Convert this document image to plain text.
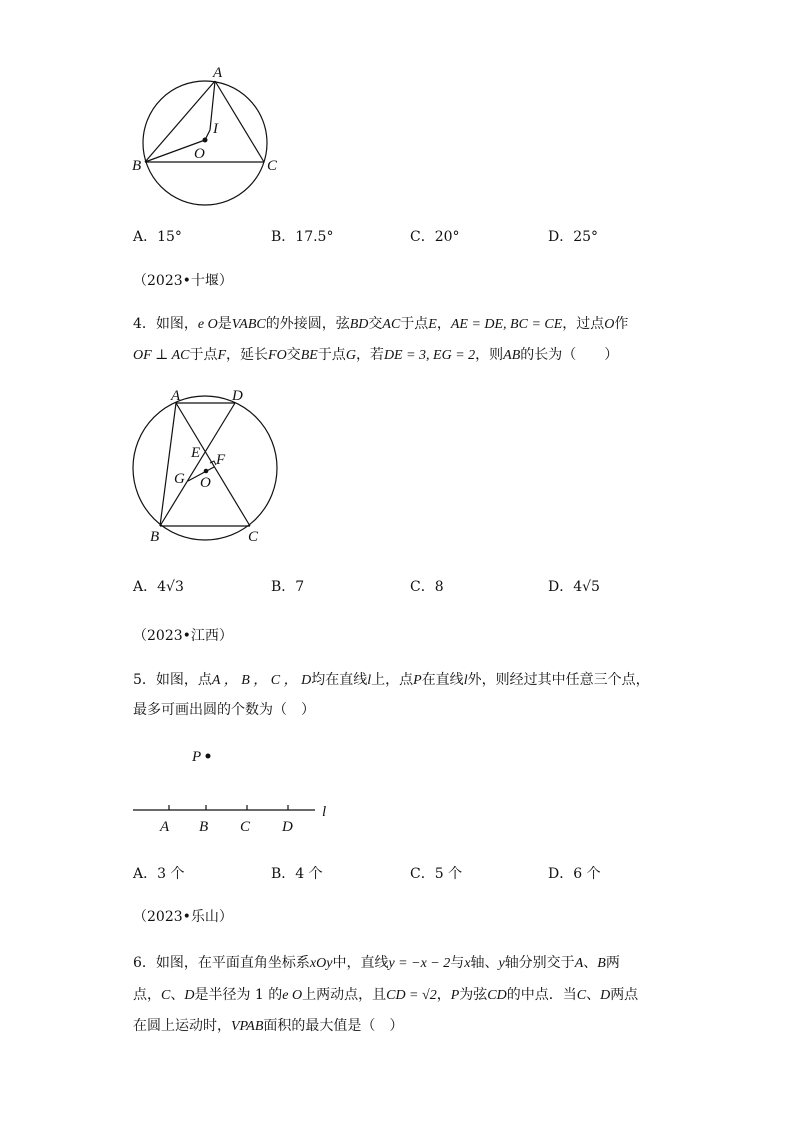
A
I
O
B	C
A．15°	B．17.5°	C．20°	D．25°
（2023•十堰）
4．如图，e O是VABC的外接圆，弦BD交AC于点E，AE = DE, BC = CE，过点O作
OF ⊥ AC于点F，延长FO交BE于点G，若DE = 3, EG = 2，则AB的长为（　　）
A	D
E F
G O
B	C
A．4√3	B．7	C．8	D．4√5
（2023•江西）
5．如图，点A ， B ， C ， D均在直线l上，点P在直线l外，则经过其中任意三个点，
最多可画出圆的个数为（　）
P
A B C D
l
A．3 个	B．4 个	C．5 个	D．6 个
（2023•乐山）
6．如图，在平面直角坐标系xOy中，直线y = −x − 2与x轴、y轴分别交于A、B两
点，C、D是半径为 1 的e O上两动点，且CD = √2，P为弦CD的中点．当C、D两点
在圆上运动时，VPAB面积的最大值是（　）
